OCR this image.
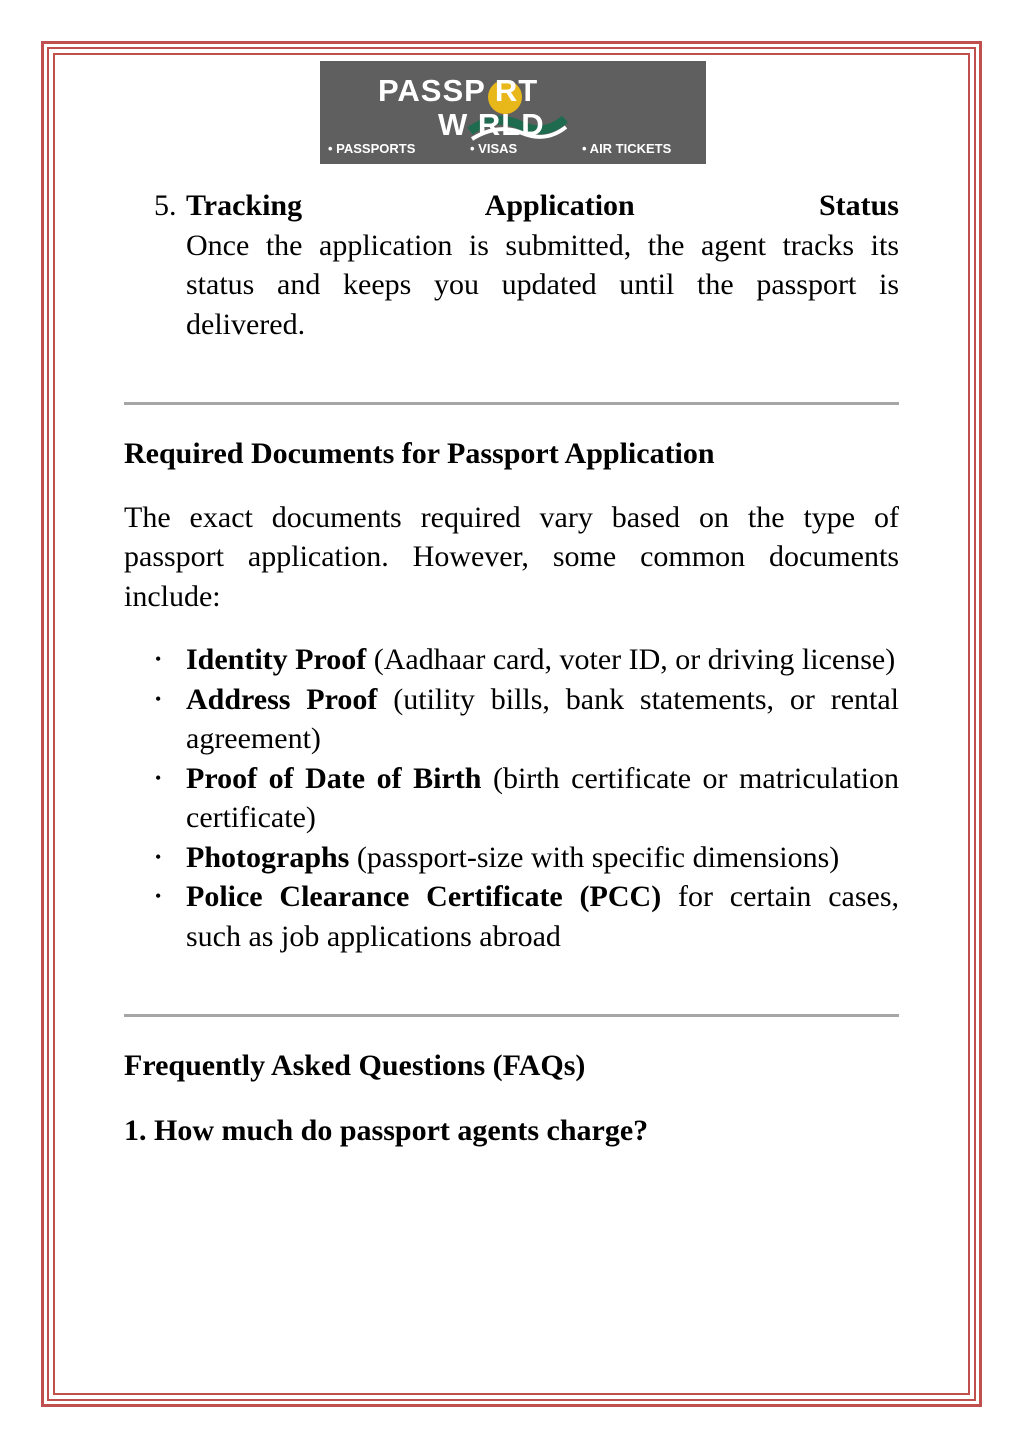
PASSP RT
W RLD
• PASSPORTS	• VISAS	• AIR TICKETS
5. Tracking Application Status
Once the application is submitted, the agent tracks its status and keeps you updated until the passport is delivered.
Required Documents for Passport Application

The exact documents required vary based on the type of passport application. However, some common documents include:

• Identity Proof (Aadhaar card, voter ID, or driving license)
• Address Proof (utility bills, bank statements, or rental agreement)
• Proof of Date of Birth (birth certificate or matriculation certificate)
• Photographs (passport-size with specific dimensions)
• Police Clearance Certificate (PCC) for certain cases, such as job applications abroad
Frequently Asked Questions (FAQs)
1. How much do passport agents charge?
